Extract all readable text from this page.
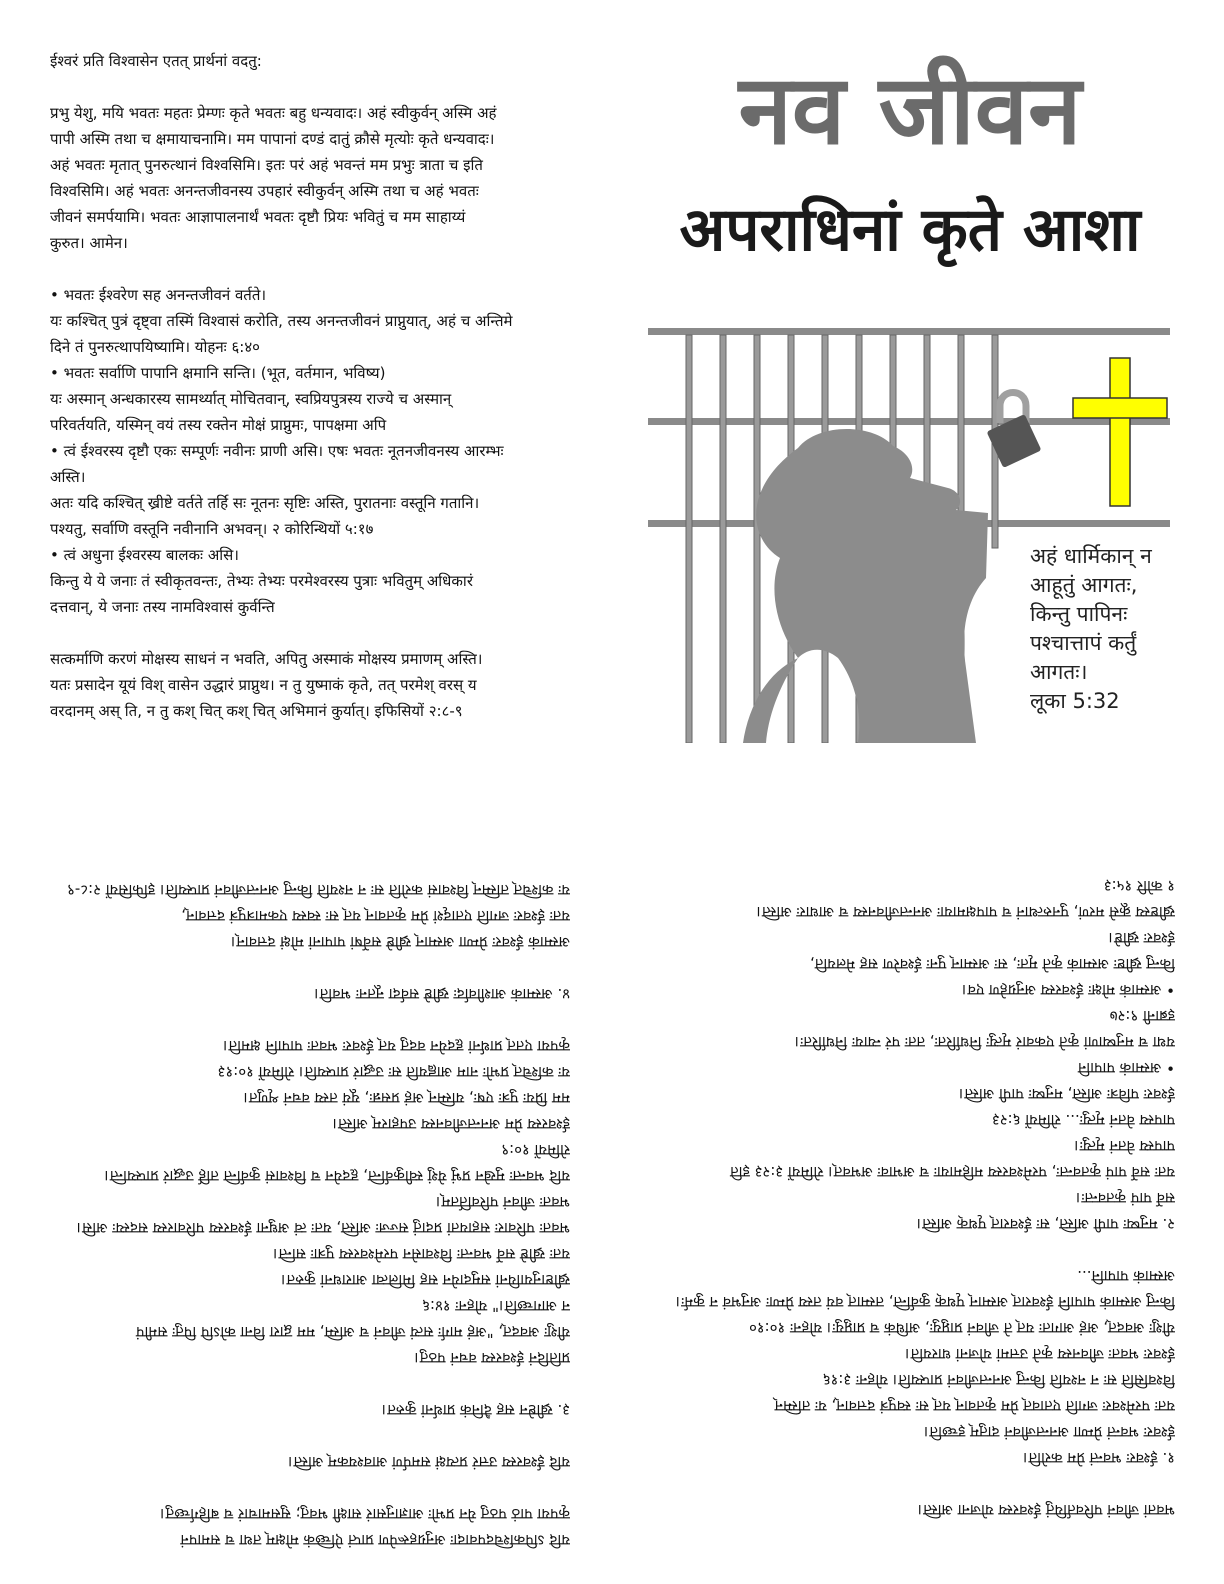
ईश्वरं प्रति विश्वासेन एतत् प्रार्थनां वदतु:

प्रभु येशु, मयि भवतः महतः प्रेम्णः कृते भवतः बहु धन्यवादः। अहं स्वीकुर्वन् अस्मि अहं

पापी अस्मि तथा च क्षमायाचनामि। मम पापानां दण्डं दातुं क्रौसे मृत्योः कृते धन्यवादः।

अहं भवतः मृतात् पुनरुत्थानं विश्वसिमि। इतः परं अहं भवन्तं मम प्रभुः त्राता च इति

विश्वसिमि। अहं भवतः अनन्तजीवनस्य उपहारं स्वीकुर्वन् अस्मि तथा च अहं भवतः

जीवनं समर्पयामि। भवतः आज्ञापालनार्थं भवतः दृष्टौ प्रियः भवितुं च मम साहाय्यं

कुरुत। आमेन।

• भवतः ईश्वरेण सह अनन्तजीवनं वर्तते।

यः कश्चित् पुत्रं दृष्ट्वा तस्मिं विश्वासं करोति, तस्य अनन्तजीवनं प्राप्नुयात्, अहं च अन्तिमे

दिने तं पुनरुत्थापयिष्यामि। योहनः ६:४०

• भवतः सर्वाणि पापानि क्षमानि सन्ति। (भूत, वर्तमान, भविष्य)

यः अस्मान् अन्धकारस्य सामर्थ्यात् मोचितवान्, स्वप्रियपुत्रस्य राज्ये च अस्मान्

परिवर्तयति, यस्मिन् वयं तस्य रक्तेन मोक्षं प्राप्नुमः, पापक्षमा अपि

• त्वं ईश्वरस्य दृष्टौ एकः सम्पूर्णः नवीनः प्राणी असि। एषः भवतः नूतनजीवनस्य आरम्भः

अस्ति।

अतः यदि कश्चित् ख्रीष्टे वर्तते तर्हि सः नूतनः सृष्टिः अस्ति, पुरातनाः वस्तूनि गतानि।

पश्यतु, सर्वाणि वस्तूनि नवीनानि अभवन्। २ कोरिन्थियों ५:१७

• त्वं अधुना ईश्वरस्य बालकः असि।

किन्तु ये ये जनाः तं स्वीकृतवन्तः, तेभ्यः तेभ्यः परमेश्वरस्य पुत्राः भवितुम् अधिकारं

दत्तवान्, ये जनाः तस्य नामविश्वासं कुर्वन्ति

सत्कर्माणि करणं मोक्षस्य साधनं न भवति, अपितु अस्माकं मोक्षस्य प्रमाणम् अस्ति।

यतः प्रसादेन यूयं विश् वासेन उद्धारं प्राप्नुथ। न तु युष्माकं कृते, तत् परमेश् वरस् य

वरदानम् अस् ति, न तु कश् चित् कश् चित् अभिमानं कुर्यात्। इफिसियों २:८-९

नव जीवन
अपराधिनां कृते आशा
अहं धार्मिकान् न
आहूतुं आगतः,
किन्तु पापिनः
पश्चात्तापं कर्तुं
आगतः।
लूका 5:32

यदि ऽपिकश्चिदपवादाः अनुग्रहरूपेण प्राप्तं ऐच्छिकं मोक्षम् तथा च समापनं

कृपया पाठं पठतु येन प्रभोः आज्ञानुसारं साक्षी भवतु; सुसमाचारं च बहिर्गच्छतु।

यदि ईश्वरस्य उत्तरं प्रत्यक्षं समर्पणं आवश्यकम् अस्ति।

३. ख्रीष्टेन सह दैनिकं प्रार्थनां कुरुत।

प्रतिदिनं ईश्वरस्य वचनं पठतु।

यीशुः अवदत्, "अहं मार्गः सत्यं जीवनं च अस्मि, मम द्वारा विना कोऽपि पितुः समीपं

न आगच्छति।" योहनः १४:६

ख्रीष्टानुयायिनां समुदायेन सह मिलित्वा आराधनां कुरुत।

यतः ख्रीष्टे सर्वे भवन्तः विश्वासेन परमेश्वरस्य पुत्राः सन्ति।

भवतः परिवारः सहायतां प्रदातुं सज्जः अस्ति, यतः त्वं अधुना ईश्वरस्य परिवारस्य सदस्यः असि।

भवतः जीवनं परिवर्तितम्।

यदि भवन्तः मुखेन प्रभुं येशुं स्वीकुर्वन्ति, हृदयेन च विश्वासं कुर्वन्ति तर्हि उद्धारं प्राप्स्यन्ति।

रोमियों १०:९

ईश्वरस्य प्रेम अनन्तजीवनस्य उपहारम् अस्ति।

मम प्रियः पुत्रः एषः, यस्मिन् अहं प्रसन्नः, यूयं तस्य वचनं शृणुत।

यः कश्चित् प्रभोः नाम आह्वयति सः उद्धारं प्राप्स्यति। रोमियों १०:१३

कृपया एतत् प्रार्थनां हृदयेन वदतु यत् ईश्वरः भवतः पापानि क्षमति।

४. अस्माकं आशीर्वादः ख्रीष्टे सर्वदा नूतनः भवति।

अस्माकं ईश्वरः प्रेम्णा अस्मान् ख्रीष्टे सर्वेषां पापानां मोक्षं दत्तवान्।

यतः ईश्वरः जगति एतादृशं प्रेम कृतवान् यत् सः स्वस्य एकमात्रपुत्रं दत्तवान्,

यः कश्चित् तस्मिन् विश्वासं करोति सः न नश्यति किन्तु अनन्तजीवनं प्राप्स्यति। इफिसियों २:८-९

भवतां जीवनं परिवर्तयितुं ईश्वरस्य योजना अस्ति।

१. ईश्वरः भवन्तं प्रेम करोति।

ईश्वरः भवन्तं प्रेम्णा अनन्तजीवनं दातुम् इच्छति।

यतः परमेश्वरः जगति एतावत् प्रेम कृतवान् यत् सः स्वपुत्रं दत्तवान्, यः तस्मिन्

विश्वसिति सः न नश्यति किन्तु अनन्तजीवनं प्राप्स्यति। योहनः ३:१६

ईश्वरः भवतः जीवनस्य कृते उत्तमां योजनां धारयति।

यीशुः अवदत्, अहं आगतः यत् ते जीवनं प्राप्नुयुः, अधिकं च प्राप्नुयुः। योहनः १०:१०

किन्तु अस्माकं पापानि ईश्वरात् अस्मान् पृथक् कुर्वन्ति, तस्मात् वयं तस्य प्रेम्णः अनुभवं न कुर्मः।

अस्माकं पापानि...

२. मनुष्यः पापी अस्ति, सः ईश्वरात् पृथक् अस्ति।

सर्वे पापं कृतवन्तः।

यतः सर्वे पापं कृतवन्तः, परमेश्वरस्य महिमायाः च अभावः अभवत्। रोमियों ३:२३ इति

पापस्य वेतनं मृत्युः।

पापस्य वेतनं मृत्युः... रोमियों ६:२३

ईश्वरः पवित्रः अस्ति, मनुष्यः पापी अस्ति।

• अस्माकं पापानि

यथा च मनुष्याणां कृते एकवारं मृत्युः निर्धारितः, ततः परं न्यायः निर्धारितः।

इब्रानी ९:२७

• अस्माकं मोक्षः ईश्वरस्य अनुग्रहेण एव।

किन्तु ख्रीष्टः अस्माकं कृते मृतः, सः अस्मान् पुनः ईश्वरेण सह मेलयति,

ईश्वरः ख्रीष्टे।

ख्रीष्टस्य क्रूसे मरणं, पुनरुत्थानं च पापक्षमायाः अनन्तजीवनस्य च आधारः अस्ति।

१ कोरि १५:३
